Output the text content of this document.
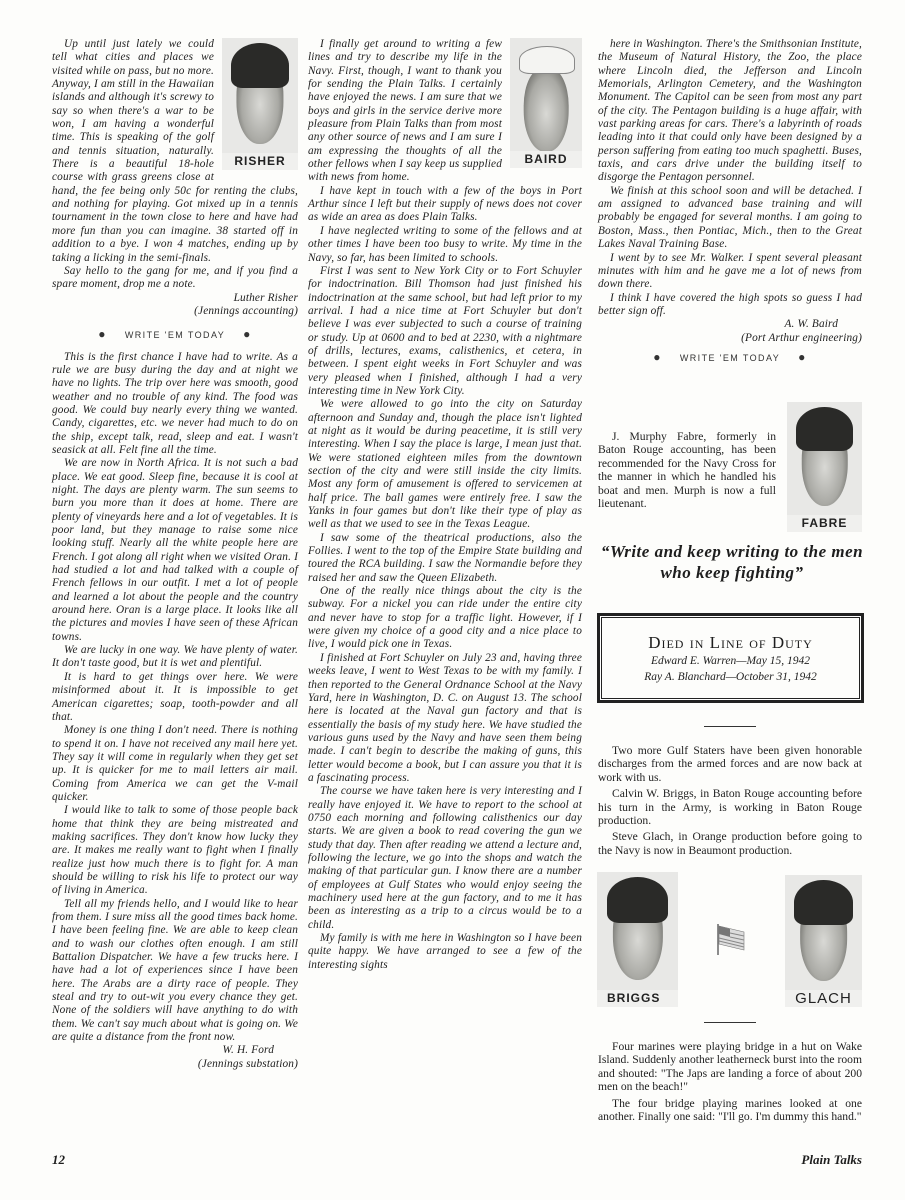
RISHER

Up until just lately we could tell what cities and places we visited while on pass, but no more. Anyway, I am still in the Hawaiian islands and although it's screwy to say so when there's a war to be won, I am having a wonderful time. This is speaking of the golf and tennis situation, naturally. There is a beautiful 18-hole course with grass greens close at hand, the fee being only 50c for renting the clubs, and nothing for playing. Got mixed up in a tennis tournament in the town close to here and have had more fun than you can imagine. 38 started off in addition to a bye. I won 4 matches, ending up by taking a licking in the semi-finals.

Say hello to the gang for me, and if you find a spare moment, drop me a note.

Luther Risher

(Jennings accounting)

● WRITE 'EM TODAY ●

This is the first chance I have had to write. As a rule we are busy during the day and at night we have no lights. The trip over here was smooth, good weather and no trouble of any kind. The food was good. We could buy nearly every thing we wanted. Candy, cigarettes, etc. we never had much to do on the ship, except talk, read, sleep and eat. I wasn't seasick at all. Felt fine all the time.

We are now in North Africa. It is not such a bad place. We eat good. Sleep fine, because it is cool at night. The days are plenty warm. The sun seems to burn you more than it does at home. There are plenty of vineyards here and a lot of vegetables. It is poor land, but they manage to raise some nice looking stuff. Nearly all the white people here are French. I got along all right when we visited Oran. I had studied a lot and had talked with a couple of French fellows in our outfit. I met a lot of people and learned a lot about the people and the country around here. Oran is a large place. It looks like all the pictures and movies I have seen of these African towns.

We are lucky in one way. We have plenty of water. It don't taste good, but it is wet and plentiful.

It is hard to get things over here. We were misinformed about it. It is impossible to get American cigarettes; soap, tooth-powder and all that.

Money is one thing I don't need. There is nothing to spend it on. I have not received any mail here yet. They say it will come in regularly when they get set up. It is quicker for me to mail letters air mail. Coming from America we can get the V-mail quicker.

I would like to talk to some of those people back home that think they are being mistreated and making sacrifices. They don't know how lucky they are. It makes me really want to fight when I finally realize just how much there is to fight for. A man should be willing to risk his life to protect our way of living in America.

Tell all my friends hello, and I would like to hear from them. I sure miss all the good times back home. I have been feeling fine. We are able to keep clean and to wash our clothes often enough. I am still Battalion Dispatcher. We have a few trucks here. I have had a lot of experiences since I have been here. The Arabs are a dirty race of people. They steal and try to out-wit you every chance they get. None of the soldiers will have anything to do with them. We can't say much about what is going on. We are quite a distance from the front now.

W. H. Ford

(Jennings substation)

BAIRD

I finally get around to writing a few lines and try to describe my life in the Navy. First, though, I want to thank you for sending the Plain Talks. I certainly have enjoyed the news. I am sure that we boys and girls in the service derive more pleasure from Plain Talks than from most any other source of news and I am sure I am expressing the thoughts of all the other fellows when I say keep us supplied with news from home.

I have kept in touch with a few of the boys in Port Arthur since I left but their supply of news does not cover as wide an area as does Plain Talks.

I have neglected writing to some of the fellows and at other times I have been too busy to write. My time in the Navy, so far, has been limited to schools.

First I was sent to New York City or to Fort Schuyler for indoctrination. Bill Thomson had just finished his indoctrination at the same school, but had left prior to my arrival. I had a nice time at Fort Schuyler but don't believe I was ever subjected to such a course of training or study. Up at 0600 and to bed at 2230, with a nightmare of drills, lectures, exams, calisthenics, et cetera, in between. I spent eight weeks in Fort Schuyler and was very pleased when I finished, although I had a very interesting time in New York City.

We were allowed to go into the city on Saturday afternoon and Sunday and, though the place isn't lighted at night as it would be during peacetime, it is still very interesting. When I say the place is large, I mean just that. We were stationed eighteen miles from the downtown section of the city and were still inside the city limits. Most any form of amusement is offered to servicemen at half price. The ball games were entirely free. I saw the Yanks in four games but don't like their type of play as well as that we used to see in the Texas League.

I saw some of the theatrical productions, also the Follies. I went to the top of the Empire State building and toured the RCA building. I saw the Normandie before they raised her and saw the Queen Elizabeth.

One of the really nice things about the city is the subway. For a nickel you can ride under the entire city and never have to stop for a traffic light. However, if I were given my choice of a good city and a nice place to live, I would pick one in Texas.

I finished at Fort Schuyler on July 23 and, having three weeks leave, I went to West Texas to be with my family. I then reported to the General Ordnance School at the Navy Yard, here in Washington, D. C. on August 13. The school here is located at the Naval gun factory and that is essentially the basis of my study here. We have studied the various guns used by the Navy and have seen them being made. I can't begin to describe the making of guns, this letter would become a book, but I can assure you that it is a fascinating process.

The course we have taken here is very interesting and I really have enjoyed it. We have to report to the school at 0750 each morning and following calisthenics our day starts. We are given a book to read covering the gun we study that day. Then after reading we attend a lecture and, following the lecture, we go into the shops and watch the making of that particular gun. I know there are a number of employees at Gulf States who would enjoy seeing the machinery used here at the gun factory, and to me it has been as interesting as a trip to a circus would be to a child.

My family is with me here in Washington so I have been quite happy. We have arranged to see a few of the interesting sights

here in Washington. There's the Smithsonian Institute, the Museum of Natural History, the Zoo, the place where Lincoln died, the Jefferson and Lincoln Memorials, Arlington Cemetery, and the Washington Monument. The Capitol can be seen from most any part of the city. The Pentagon building is a huge affair, with vast parking areas for cars. There's a labyrinth of roads leading into it that could only have been designed by a person suffering from eating too much spaghetti. Buses, taxis, and cars drive under the building itself to disgorge the Pentagon personnel.

We finish at this school soon and will be detached. I am assigned to advanced base training and will probably be engaged for several months. I am going to Boston, Mass., then Pontiac, Mich., then to the Great Lakes Naval Training Base.

I went by to see Mr. Walker. I spent several pleasant minutes with him and he gave me a lot of news from down there.

I think I have covered the high spots so guess I had better sign off.

A. W. Baird

(Port Arthur engineering)

● WRITE 'EM TODAY ●
FABRE

J. Murphy Fabre, formerly in Baton Rouge accounting, has been recommended for the Navy Cross for the manner in which he handled his boat and men. Murph is now a full lieutenant.

“Write and keep writing to the men who keep fighting”
Died in Line of Duty
Edward E. Warren—May 15, 1942
Ray A. Blanchard—October 31, 1942

Two more Gulf Staters have been given honorable discharges from the armed forces and are now back at work with us.

Calvin W. Briggs, in Baton Rouge accounting before his turn in the Army, is working in Baton Rouge production.

Steve Glach, in Orange production before going to the Navy is now in Beaumont production.

BRIGGS	GLACH

Four marines were playing bridge in a hut on Wake Island. Suddenly another leatherneck burst into the room and shouted: "The Japs are landing a force of about 200 men on the beach!"

The four bridge playing marines looked at one another. Finally one said: "I'll go. I'm dummy this hand."

12	Plain Talks
